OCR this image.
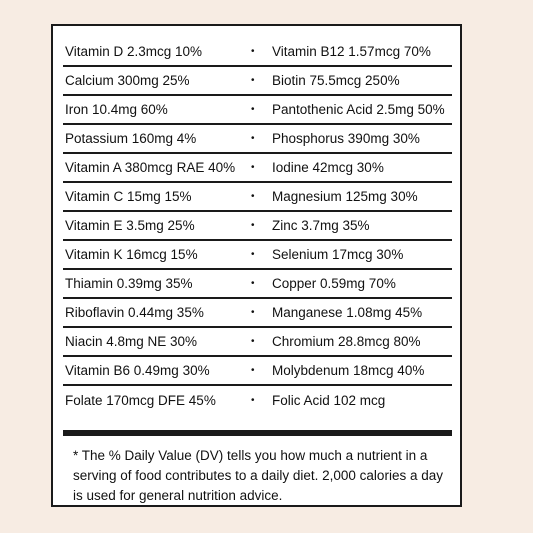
Vitamin D 2.3mcg 10%	•	Vitamin B12 1.57mcg 70%
Calcium 300mg 25%	•	Biotin 75.5mcg 250%
Iron 10.4mg 60%	•	Pantothenic Acid 2.5mg 50%
Potassium 160mg 4%	•	Phosphorus 390mg 30%
Vitamin A 380mcg RAE 40%	•	Iodine 42mcg 30%
Vitamin C 15mg 15%	•	Magnesium 125mg 30%
Vitamin E 3.5mg 25%	•	Zinc 3.7mg 35%
Vitamin K 16mcg 15%	•	Selenium 17mcg 30%
Thiamin 0.39mg 35%	•	Copper 0.59mg 70%
Riboflavin 0.44mg 35%	•	Manganese 1.08mg 45%
Niacin 4.8mg NE 30%	•	Chromium 28.8mcg 80%
Vitamin B6 0.49mg 30%	•	Molybdenum 18mcg 40%
Folate 170mcg DFE 45%	•	Folic Acid 102 mcg

* The % Daily Value (DV) tells you how much a nutrient in a serving of food contributes to a daily diet. 2,000 calories a day is used for general nutrition advice.
